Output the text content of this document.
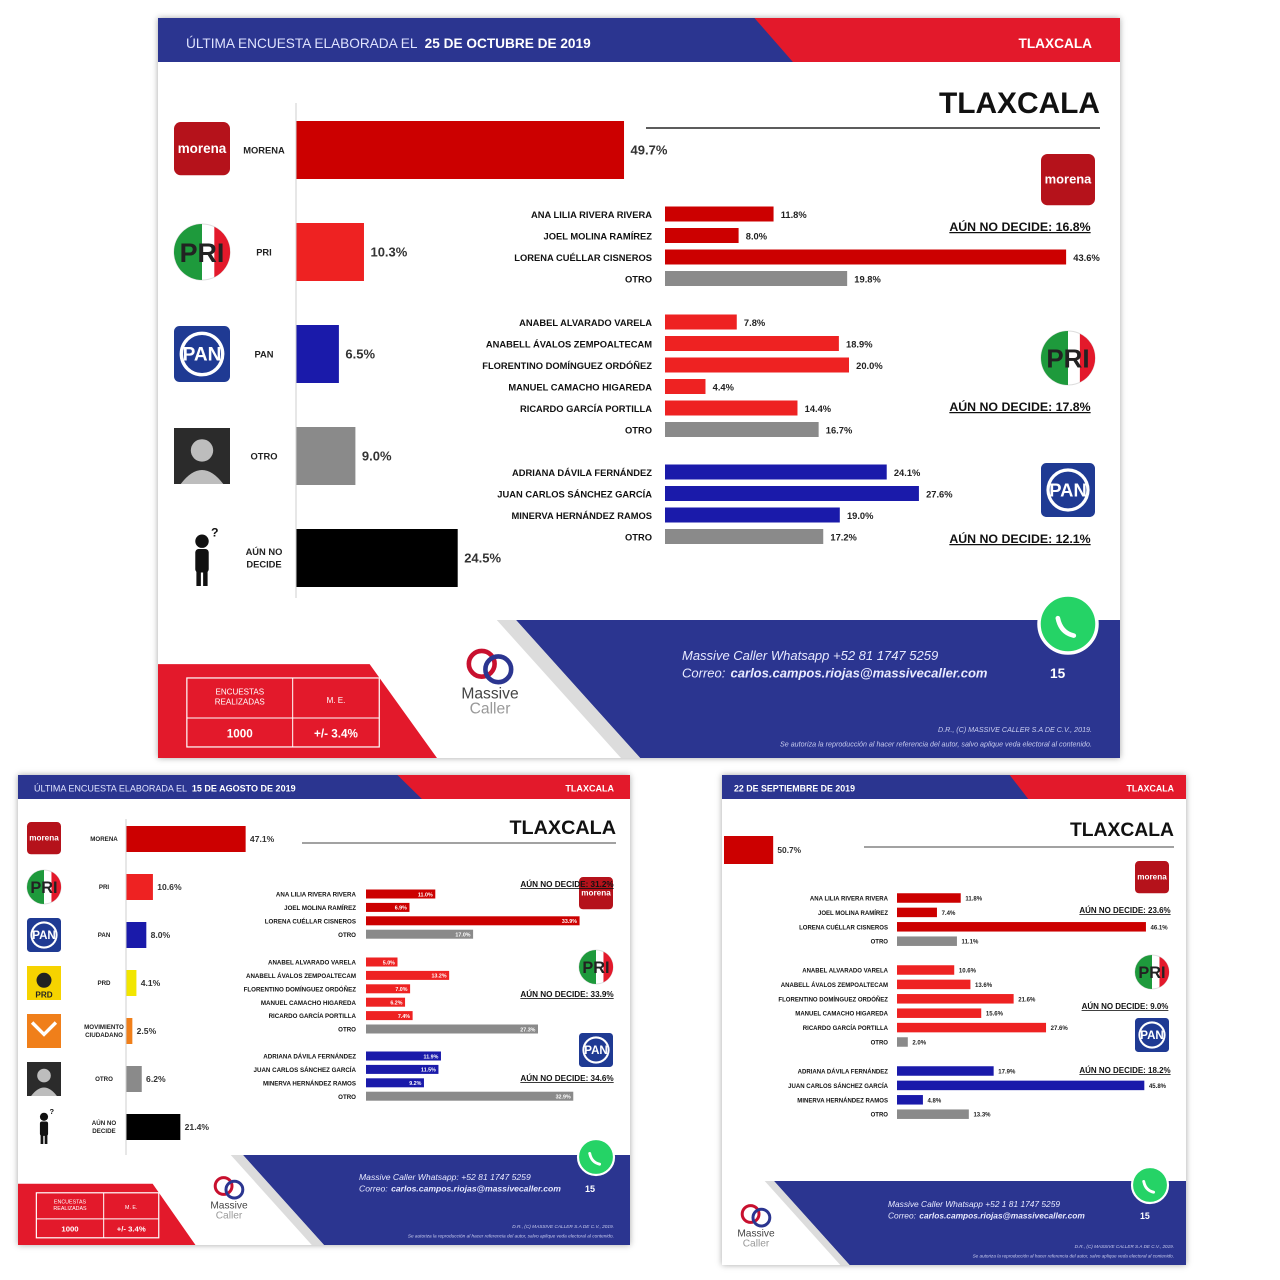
ÚLTIMA ENCUESTA ELABORADA EL 25 DE OCTUBRE DE 2019	TLAXCALA
TLAXCALA
morena MORENA	49.7%
PRI	PRI	10.3%
PAN	PAN	6.5%
OTRO	9.0%
?
AÚN NO DECIDE	24.5%
ANA LILIA RIVERA RIVERA	11.8%
JOEL MOLINA RAMÍREZ	8.0%
LORENA CUÉLLAR CISNEROS	43.6%
OTRO	19.8%
morena
AÚN NO DECIDE: 16.8%
ANABEL ALVARADO VARELA	7.8%
ANABELL ÁVALOS ZEMPOALTECAM	18.9%
FLORENTINO DOMÍNGUEZ ORDÓÑEZ	20.0%
MANUEL CAMACHO HIGAREDA	4.4%
RICARDO GARCÍA PORTILLA	14.4%
OTRO	16.7%
PRI
AÚN NO DECIDE: 17.8%
ADRIANA DÁVILA FERNÁNDEZ	24.1%
JUAN CARLOS SÁNCHEZ GARCÍA	27.6%
MINERVA HERNÁNDEZ RAMOS	19.0%
OTRO	17.2%
PAN
AÚN NO DECIDE: 12.1%
ENCUESTAS REALIZADAS	M. E.
1000	+/- 3.4%
Massive
Caller
Massive Caller Whatsapp +52 81 1747 5259
Correo: carlos.campos.riojas@massivecaller.com	15
D.R., (C) MASSIVE CALLER S.A DE C.V., 2019.
Se autoriza la reproducción al hacer referencia del autor, salvo aplique veda electoral al contenido.
ÚLTIMA ENCUESTA ELABORADA EL 15 DE AGOSTO DE 2019	TLAXCALA
TLAXCALA
morena	MORENA	47.1%
PRI	PRI	10.6%
PAN	PAN	8.0%
PRD
PRD	4.1%
MOVIMIENTO CIUDADANO 2.5%
OTRO	6.2%
?
AÚN NO DECIDE	21.4%
ANA LILIA RIVERA RIVERA	11.0%
JOEL MOLINA RAMÍREZ	6.9%
LORENA CUÉLLAR CISNEROS	33.9%
OTRO	17.0%
morena
AÚN NO DECIDE: 31.2%
ANABEL ALVARADO VARELA	5.0%
ANABELL ÁVALOS ZEMPOALTECAM	13.2%
FLORENTINO DOMÍNGUEZ ORDÓÑEZ	7.0%
MANUEL CAMACHO HIGAREDA	6.2%
RICARDO GARCÍA PORTILLA	7.4%
OTRO	27.3%
PRI
AÚN NO DECIDE: 33.9%
ADRIANA DÁVILA FERNÁNDEZ	11.9%
JUAN CARLOS SÁNCHEZ GARCÍA	11.5%
MINERVA HERNÁNDEZ RAMOS	9.2%
OTRO	32.9%
PAN
AÚN NO DECIDE: 34.6%
ENCUESTAS REALIZADAS	M. E.
1000	+/- 3.4%
Massive
Caller
Massive Caller Whatsapp: +52 81 1747 5259
Correo: carlos.campos.riojas@massivecaller.com	15
D.R., (C) MASSIVE CALLER S.A DE C.V., 2019.
Se autoriza la reproducción al hacer referencia del autor, salvo aplique veda electoral al contenido.
22 DE SEPTIEMBRE DE 2019	TLAXCALA
TLAXCALA
50.7%
ANA LILIA RIVERA RIVERA	11.8%
JOEL MOLINA RAMÍREZ	7.4%
LORENA CUÉLLAR CISNEROS	46.1%
OTRO	11.1%
morena
AÚN NO DECIDE: 23.6%
ANABEL ALVARADO VARELA	10.6%
ANABELL ÁVALOS ZEMPOALTECAM	13.6%
FLORENTINO DOMÍNGUEZ ORDÓÑEZ	21.6%
MANUEL CAMACHO HIGAREDA	15.6%
RICARDO GARCÍA PORTILLA	27.6%
OTRO	2.0%
PRI
AÚN NO DECIDE: 9.0%
ADRIANA DÁVILA FERNÁNDEZ	17.9%
JUAN CARLOS SÁNCHEZ GARCÍA	45.8%
MINERVA HERNÁNDEZ RAMOS	4.8%
OTRO	13.3%
PAN
AÚN NO DECIDE: 18.2%
Massive
Caller
Massive Caller Whatsapp +52 1 81 1747 5259
Correo: carlos.campos.riojas@massivecaller.com	15
D.R., (C) MASSIVE CALLER S.A DE C.V., 2019.
Se autoriza la reproducción al hacer referencia del autor, salvo aplique veda electoral al contenido.
